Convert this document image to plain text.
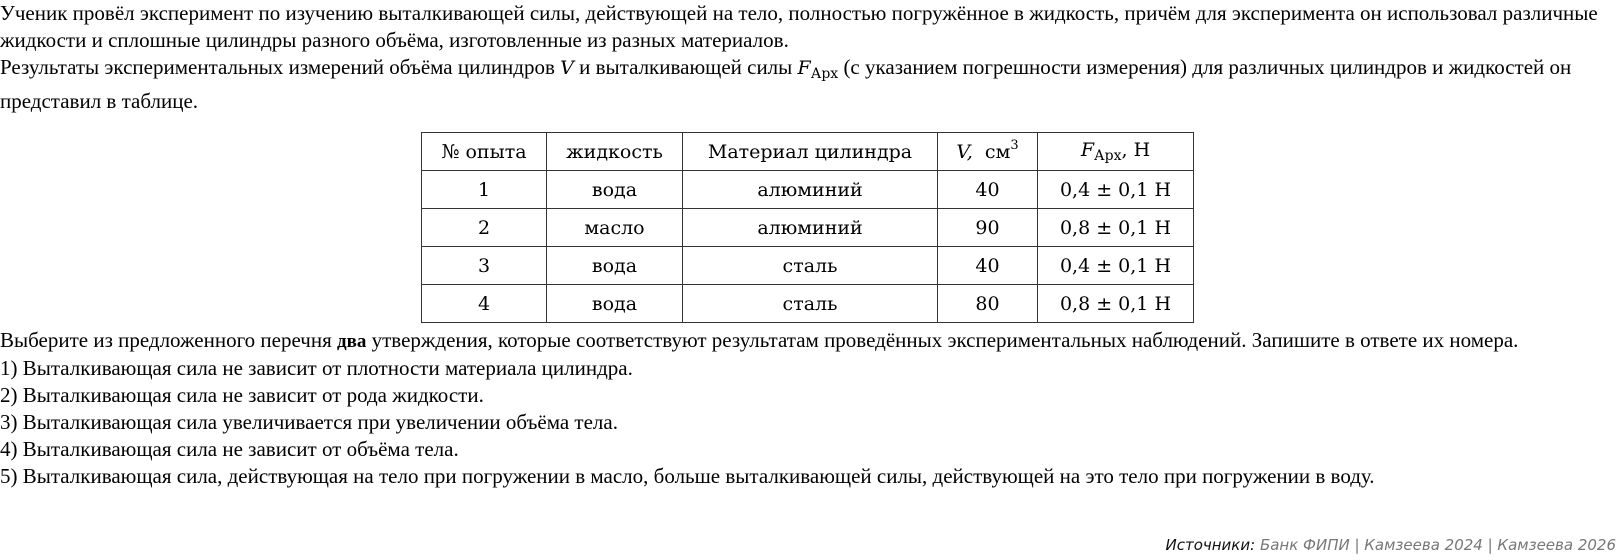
Ученик провёл эксперимент по изучению выталкивающей силы, действующей на тело, полностью погружённое в жидкость, причём для эксперимента он использовал различные жидкости и сплошные цилиндры разного объёма, изготовленные из разных материалов.

Результаты экспериментальных измерений объёма цилиндров V и выталкивающей силы $F_{Арх}$ (с указанием погрешности измерения) для различных цилиндров и жидкостей он представил в таблице.

№ опыта	жидкость	Материал цилиндра	V, $см^3$	$F_{Арх}$, Н
1	вода	алюминий	40	0,4 ± 0,1 Н
2	масло	алюминий	90	0,8 ± 0,1 Н
3	вода	сталь	40	0,4 ± 0,1 Н
4	вода	сталь	80	0,8 ± 0,1 Н

Выберите из предложенного перечня два утверждения, которые соответствуют результатам проведённых экспериментальных наблюдений. Запишите в ответе их номера.

1) Выталкивающая сила не зависит от плотности материала цилиндра.

2) Выталкивающая сила не зависит от рода жидкости.

3) Выталкивающая сила увеличивается при увеличении объёма тела.

4) Выталкивающая сила не зависит от объёма тела.

5) Выталкивающая сила, действующая на тело при погружении в масло, больше выталкивающей силы, действующей на это тело при погружении в воду.

Источники: Банк ФИПИ | Камзеева 2024 | Камзеева 2026
